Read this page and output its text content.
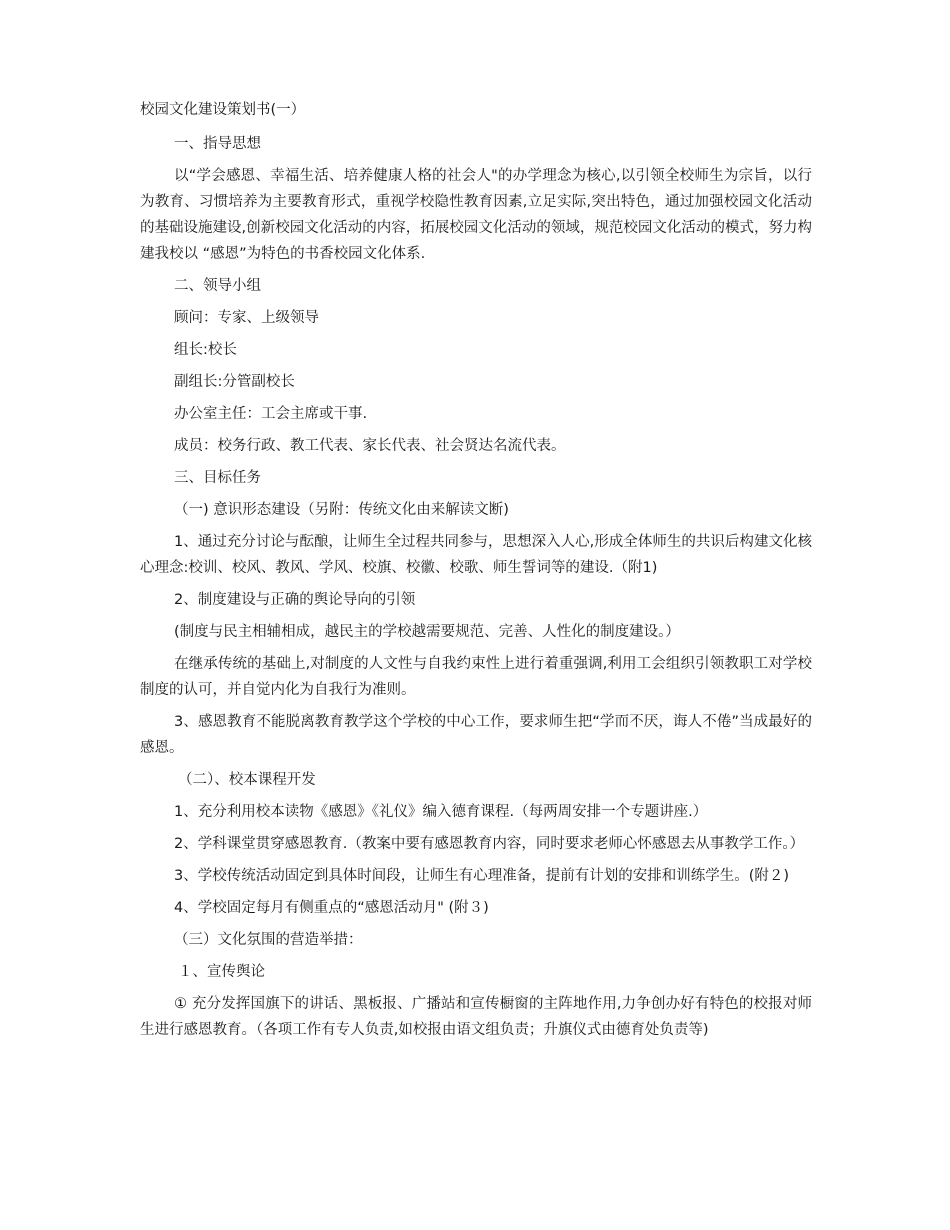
校园文化建设策划书(一）

一、指导思想

以“学会感恩、幸福生活、培养健康人格的社会人"的办学理念为核心,以引领全校师生为宗旨，以行为教育、习惯培养为主要教育形式，重视学校隐性教育因素,立足实际,突出特色，通过加强校园文化活动的基础设施建设,创新校园文化活动的内容，拓展校园文化活动的领域，规范校园文化活动的模式，努力构建我校以 “感恩”为特色的书香校园文化体系.

二、领导小组

顾问：专家、上级领导

组长:校长

副组长:分管副校长

办公室主任：工会主席或干事.

成员：校务行政、教工代表、家长代表、社会贤达名流代表。

三、目标任务

（一) 意识形态建设（另附：传统文化由来解读文断)

1、通过充分讨论与酝酿，让师生全过程共同参与，思想深入人心,形成全体师生的共识后构建文化核心理念:校训、校风、教风、学风、校旗、校徽、校歌、师生誓词等的建设.（附1)

2、制度建设与正确的舆论导向的引领

(制度与民主相辅相成，越民主的学校越需要规范、完善、人性化的制度建设。）

在继承传统的基础上,对制度的人文性与自我约束性上进行着重强调,利用工会组织引领教职工对学校制度的认可，并自觉内化为自我行为准则。

3、感恩教育不能脱离教育教学这个学校的中心工作，要求师生把“学而不厌，诲人不倦”当成最好的感恩。

（二）、校本课程开发

1、充分利用校本读物《感恩》《礼仪》编入德育课程.（每两周安排一个专题讲座.）

2、学科课堂贯穿感恩教育.（教案中要有感恩教育内容，同时要求老师心怀感恩去从事教学工作。）

3、学校传统活动固定到具体时间段，让师生有心理准备，提前有计划的安排和训练学生。(附２)

4、学校固定每月有侧重点的“感恩活动月" (附３)

（三）文化氛围的营造举措：

１、宣传舆论

① 充分发挥国旗下的讲话、黑板报、广播站和宣传橱窗的主阵地作用,力争创办好有特色的校报对师生进行感恩教育。（各项工作有专人负责,如校报由语文组负责；升旗仪式由德育处负责等)
